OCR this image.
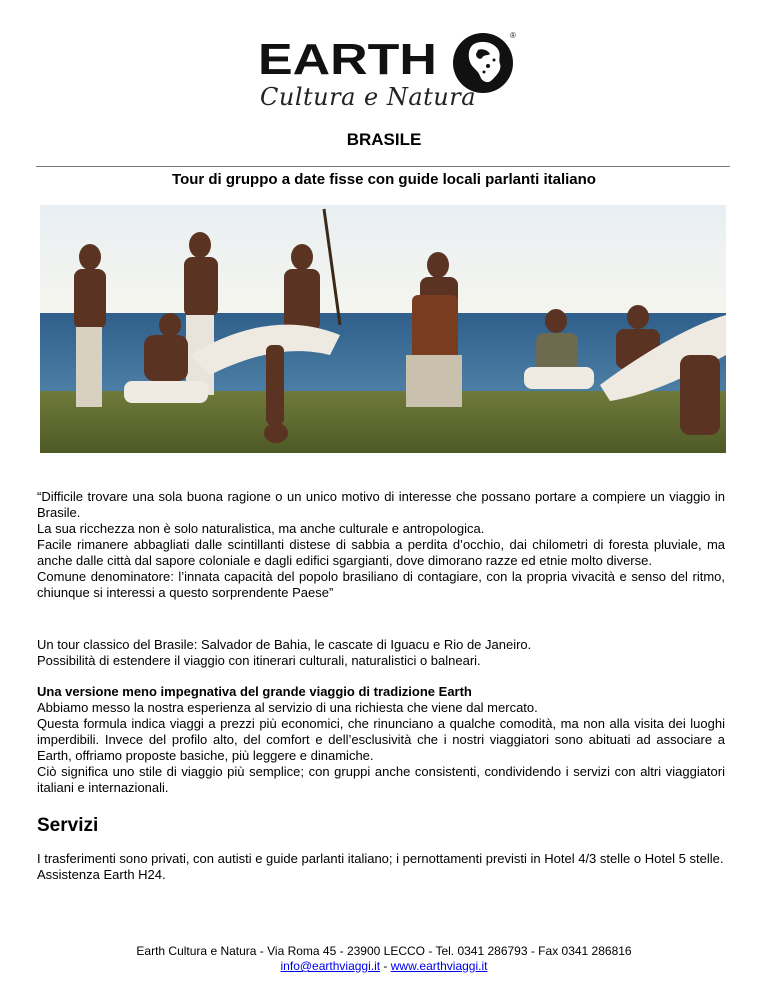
EARTH	®
Cultura e Natura
BRASILE
Tour di gruppo a date fisse con guide locali parlanti italiano

“Difficile trovare una sola buona ragione o un unico motivo di interesse che possano portare a compiere un viaggio in Brasile.

La sua ricchezza non è solo naturalistica, ma anche culturale e antropologica.

Facile rimanere abbagliati dalle scintillanti distese di sabbia a perdita d’occhio, dai chilometri di foresta pluviale, ma anche dalle città dal sapore coloniale e dagli edifici sgargianti, dove dimorano razze ed etnie molto diverse.

Comune denominatore: l’innata capacità del popolo brasiliano di contagiare, con la propria vivacità e senso del ritmo, chiunque si interessi a questo sorprendente Paese”

Un tour classico del Brasile: Salvador de Bahia, le cascate di Iguacu e Rio de Janeiro.

Possibilità di estendere il viaggio con itinerari culturali, naturalistici o balneari.

Una versione meno impegnativa del grande viaggio di tradizione Earth

Abbiamo messo la nostra esperienza al servizio di una richiesta che viene dal mercato.

Questa formula indica viaggi a prezzi più economici, che rinunciano a qualche comodità, ma non alla visita dei luoghi imperdibili. Invece del profilo alto, del comfort e dell’esclusività che i nostri viaggiatori sono abituati ad associare a Earth, offriamo proposte basiche, più leggere e dinamiche.

Ciò significa uno stile di viaggio più semplice; con gruppi anche consistenti, condividendo i servizi con altri viaggiatori italiani e internazionali.

Servizi

I trasferimenti sono privati, con autisti e guide parlanti italiano; i pernottamenti previsti in Hotel 4/3 stelle o Hotel 5 stelle.

Assistenza Earth H24.

Earth Cultura e Natura - Via Roma 45 - 23900 LECCO - Tel. 0341 286793 - Fax 0341 286816
info@earthviaggi.it - www.earthviaggi.it
